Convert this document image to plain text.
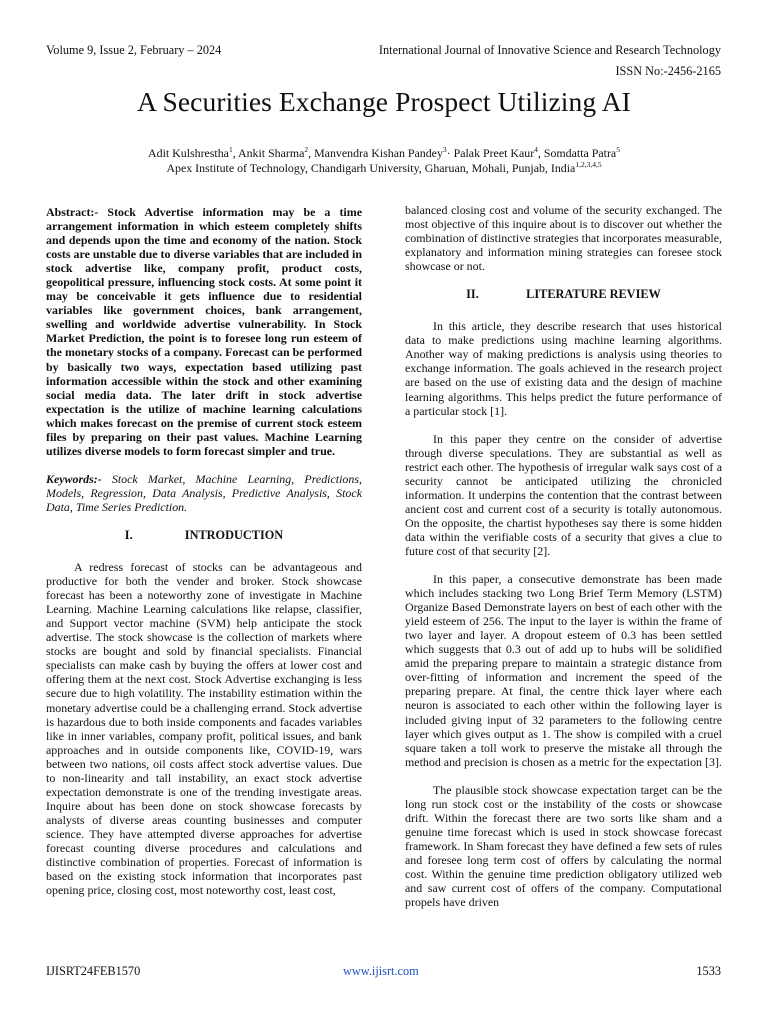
Volume 9, Issue 2, February – 2024	International Journal of Innovative Science and Research Technology
ISSN No:-2456-2165
A Securities Exchange Prospect Utilizing AI
Adit Kulshrestha$^1$, Ankit Sharma$^2$, Manvendra Kishan Pandey$^3$· Palak Preet Kaur$^4$, Somdatta Patra$^5$
Apex Institute of Technology, Chandigarh University, Gharuan, Mohali, Punjab, India$^{1,2,3,4,5}$

Abstract:- Stock Advertise information may be a time arrangement information in which esteem completely shifts and depends upon the time and economy of the nation. Stock costs are unstable due to diverse variables that are included in stock advertise like, company profit, product costs, geopolitical pressure, influencing stock costs. At some point it may be conceivable it gets influence due to residential variables like government choices, bank arrangement, swelling and worldwide advertise vulnerability. In Stock Market Prediction, the point is to foresee long run esteem of the monetary stocks of a company. Forecast can be performed by basically two ways, expectation based utilizing past information accessible within the stock and other examining social media data. The later drift in stock advertise expectation is the utilize of machine learning calculations which makes forecast on the premise of current stock esteem files by preparing on their past values. Machine Learning utilizes diverse models to form forecast simpler and true.

Keywords:- Stock Market, Machine Learning, Predictions, Models, Regression, Data Analysis, Predictive Analysis, Stock Data, Time Series Prediction.

I.	INTRODUCTION

A redress forecast of stocks can be advantageous and productive for both the vender and broker. Stock showcase forecast has been a noteworthy zone of investigate in Machine Learning. Machine Learning calculations like relapse, classifier, and Support vector machine (SVM) help anticipate the stock advertise. The stock showcase is the collection of markets where stocks are bought and sold by financial specialists. Financial specialists can make cash by buying the offers at lower cost and offering them at the next cost. Stock Advertise exchanging is less secure due to high volatility. The instability estimation within the monetary advertise could be a challenging errand. Stock advertise is hazardous due to both inside components and facades variables like in inner variables, company profit, political issues, and bank approaches and in outside components like, COVID-19, wars between two nations, oil costs affect stock advertise values. Due to non-linearity and tall instability, an exact stock advertise expectation demonstrate is one of the trending investigate areas. Inquire about has been done on stock showcase forecasts by analysts of diverse areas counting businesses and computer science. They have attempted diverse approaches for advertise forecast counting diverse procedures and calculations and distinctive combination of properties. Forecast of information is based on the existing stock information that incorporates past opening price, closing cost, most noteworthy cost, least cost,

balanced closing cost and volume of the security exchanged. The most objective of this inquire about is to discover out whether the combination of distinctive strategies that incorporates measurable, explanatory and information mining strategies can foresee stock showcase or not.

II.	LITERATURE REVIEW

In this article, they describe research that uses historical data to make predictions using machine learning algorithms. Another way of making predictions is analysis using theories to exchange information. The goals achieved in the research project are based on the use of existing data and the design of machine learning algorithms. This helps predict the future performance of a particular stock [1].

In this paper they centre on the consider of advertise through diverse speculations. They are substantial as well as restrict each other. The hypothesis of irregular walk says cost of a security cannot be anticipated utilizing the chronicled information. It underpins the contention that the contrast between ancient cost and current cost of a security is totally autonomous. On the opposite, the chartist hypotheses say there is some hidden data within the verifiable costs of a security that gives a clue to future cost of that security [2].

In this paper, a consecutive demonstrate has been made which includes stacking two Long Brief Term Memory (LSTM) Organize Based Demonstrate layers on best of each other with the yield esteem of 256. The input to the layer is within the frame of two layer and layer. A dropout esteem of 0.3 has been settled which suggests that 0.3 out of add up to hubs will be solidified amid the preparing prepare to maintain a strategic distance from over-fitting of information and increment the speed of the preparing prepare. At final, the centre thick layer where each neuron is associated to each other within the following layer is included giving input of 32 parameters to the following centre layer which gives output as 1. The show is compiled with a cruel square taken a toll work to preserve the mistake all through the method and precision is chosen as a metric for the expectation [3].

The plausible stock showcase expectation target can be the long run stock cost or the instability of the costs or showcase drift. Within the forecast there are two sorts like sham and a genuine time forecast which is used in stock showcase forecast framework. In Sham forecast they have defined a few sets of rules and foresee long term cost of offers by calculating the normal cost. Within the genuine time prediction obligatory utilized web and saw current cost of offers of the company. Computational propels have driven

IJISRT24FEB1570	www.ijisrt.com	1533
